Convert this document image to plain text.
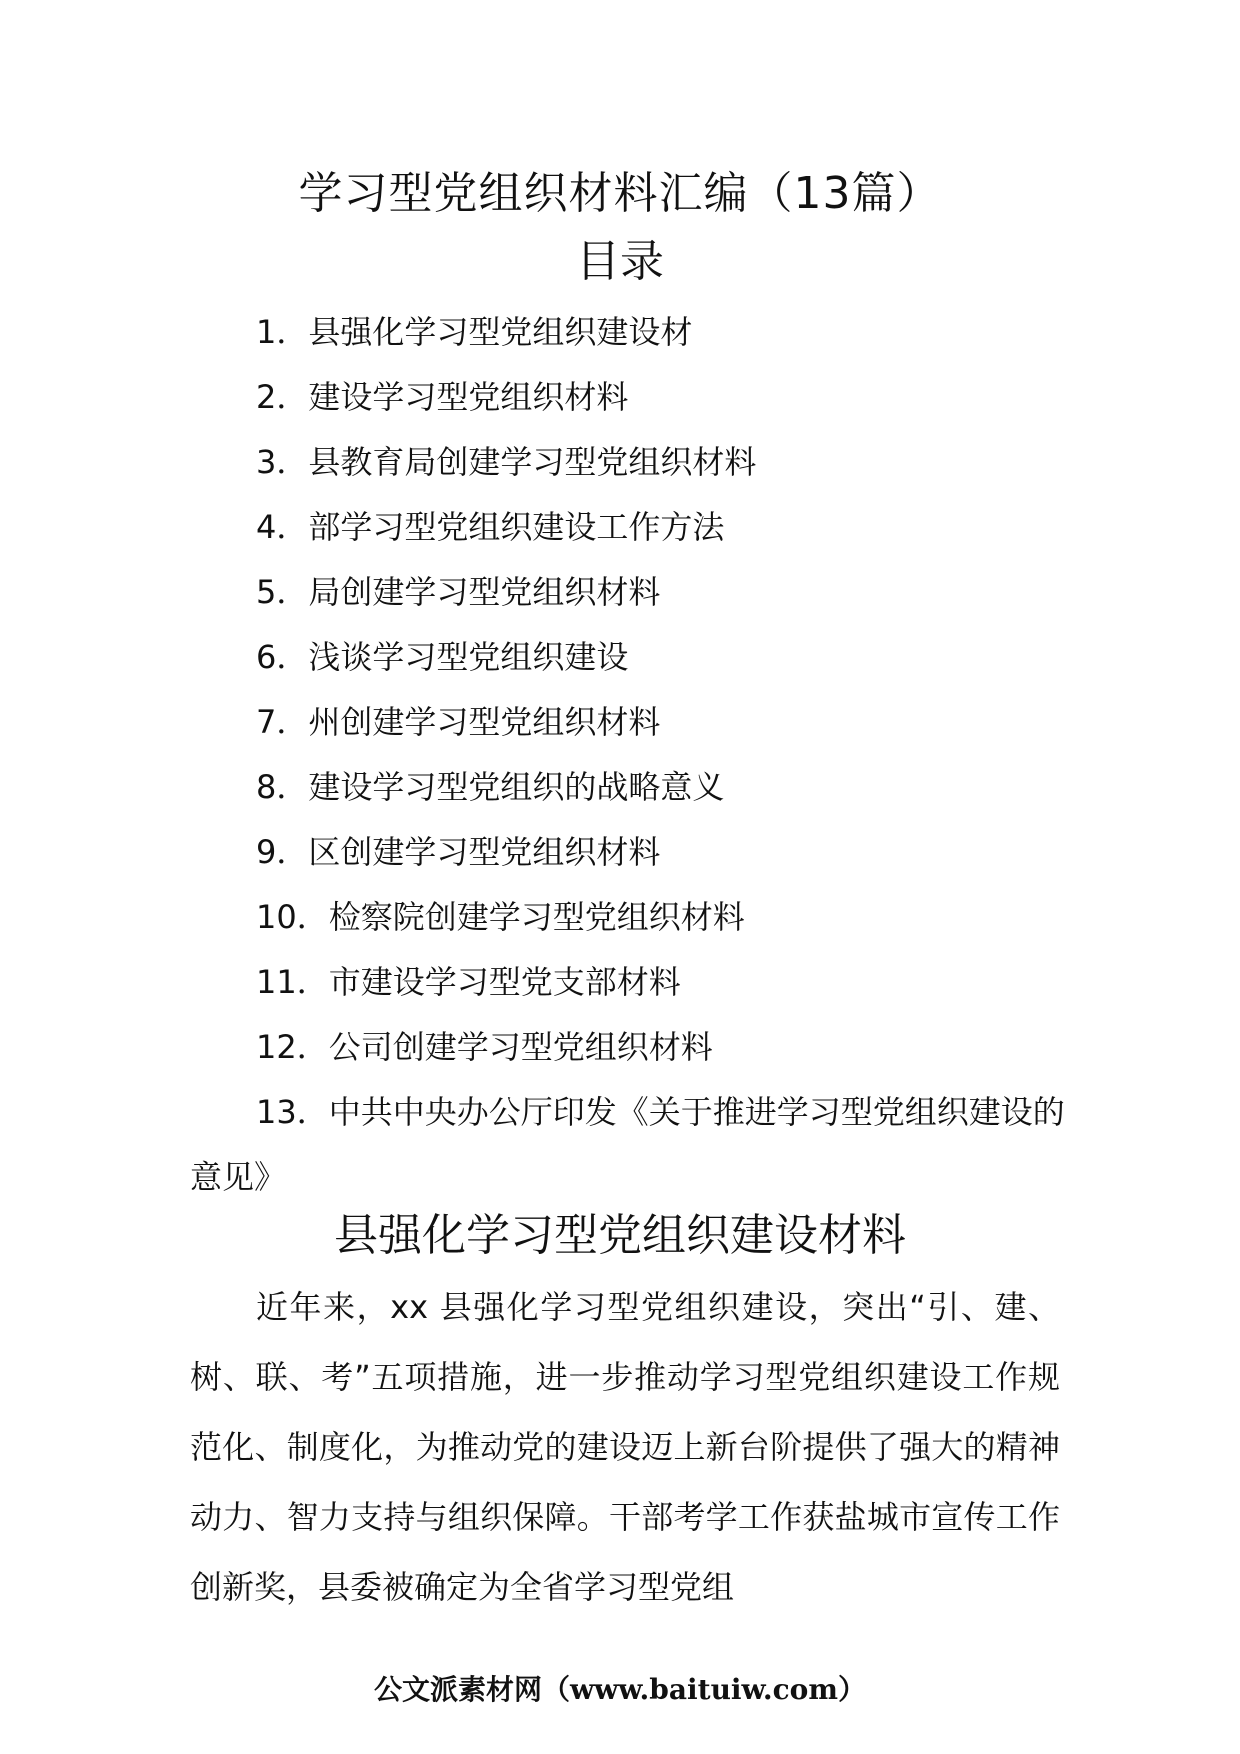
学习型党组织材料汇编（13篇）
目录
1．县强化学习型党组织建设材
2．建设学习型党组织材料
3．县教育局创建学习型党组织材料
4．部学习型党组织建设工作方法
5．局创建学习型党组织材料
6．浅谈学习型党组织建设
7．州创建学习型党组织材料
8．建设学习型党组织的战略意义
9．区创建学习型党组织材料
10．检察院创建学习型党组织材料
11．市建设学习型党支部材料
12．公司创建学习型党组织材料
13．中共中央办公厅印发《关于推进学习型党组织建设的意见》
县强化学习型党组织建设材料

近年来，xx 县强化学习型党组织建设，突出“引、建、树、联、考”五项措施，进一步推动学习型党组织建设工作规范化、制度化，为推动党的建设迈上新台阶提供了强大的精神动力、智力支持与组织保障。干部考学工作获盐城市宣传工作创新奖，县委被确定为全省学习型党组

公文派素材网（www.baituiw.com）
